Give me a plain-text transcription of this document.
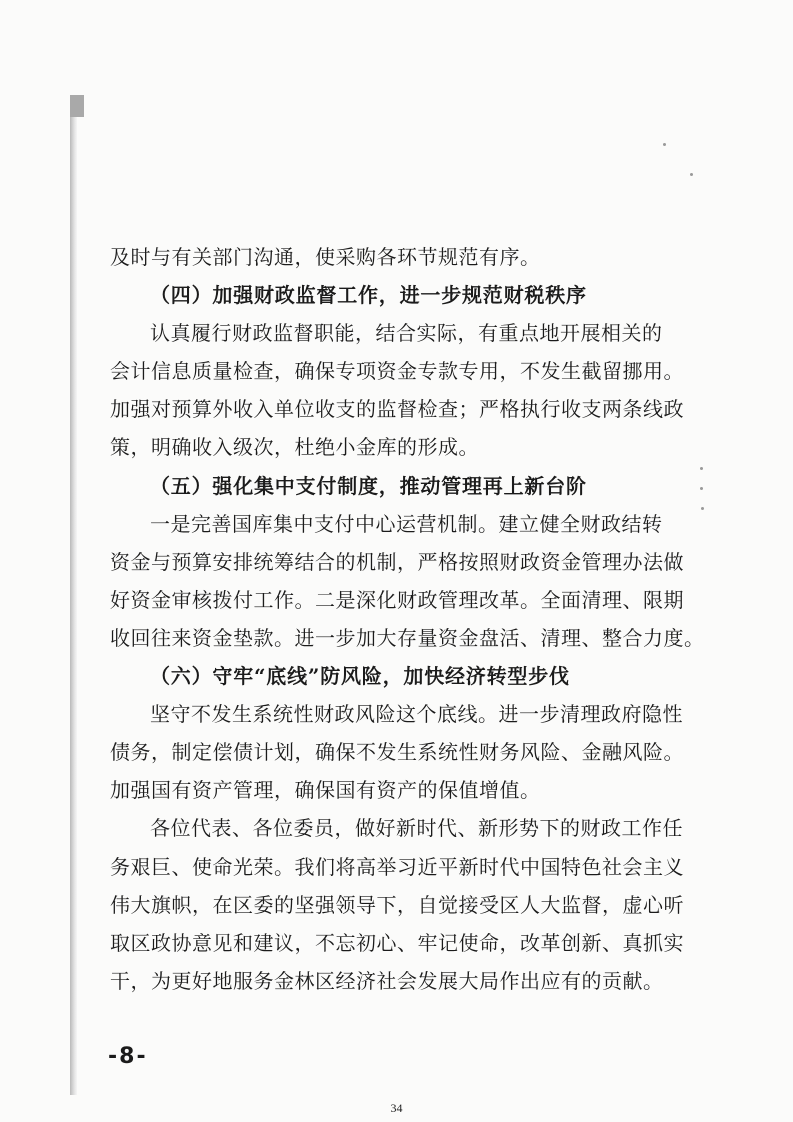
及时与有关部门沟通，使采购各环节规范有序。
（四）加强财政监督工作，进一步规范财税秩序
认真履行财政监督职能，结合实际，有重点地开展相关的
会计信息质量检查，确保专项资金专款专用，不发生截留挪用。
加强对预算外收入单位收支的监督检查；严格执行收支两条线政
策，明确收入级次，杜绝小金库的形成。
（五）强化集中支付制度，推动管理再上新台阶
一是完善国库集中支付中心运营机制。建立健全财政结转
资金与预算安排统筹结合的机制，严格按照财政资金管理办法做
好资金审核拨付工作。二是深化财政管理改革。全面清理、限期
收回往来资金垫款。进一步加大存量资金盘活、清理、整合力度。
（六）守牢“底线”防风险，加快经济转型步伐
坚守不发生系统性财政风险这个底线。进一步清理政府隐性
债务，制定偿债计划，确保不发生系统性财务风险、金融风险。
加强国有资产管理，确保国有资产的保值增值。
各位代表、各位委员，做好新时代、新形势下的财政工作任
务艰巨、使命光荣。我们将高举习近平新时代中国特色社会主义
伟大旗帜，在区委的坚强领导下，自觉接受区人大监督，虚心听
取区政协意见和建议，不忘初心、牢记使命，改革创新、真抓实
干，为更好地服务金林区经济社会发展大局作出应有的贡献。
-8-
34
